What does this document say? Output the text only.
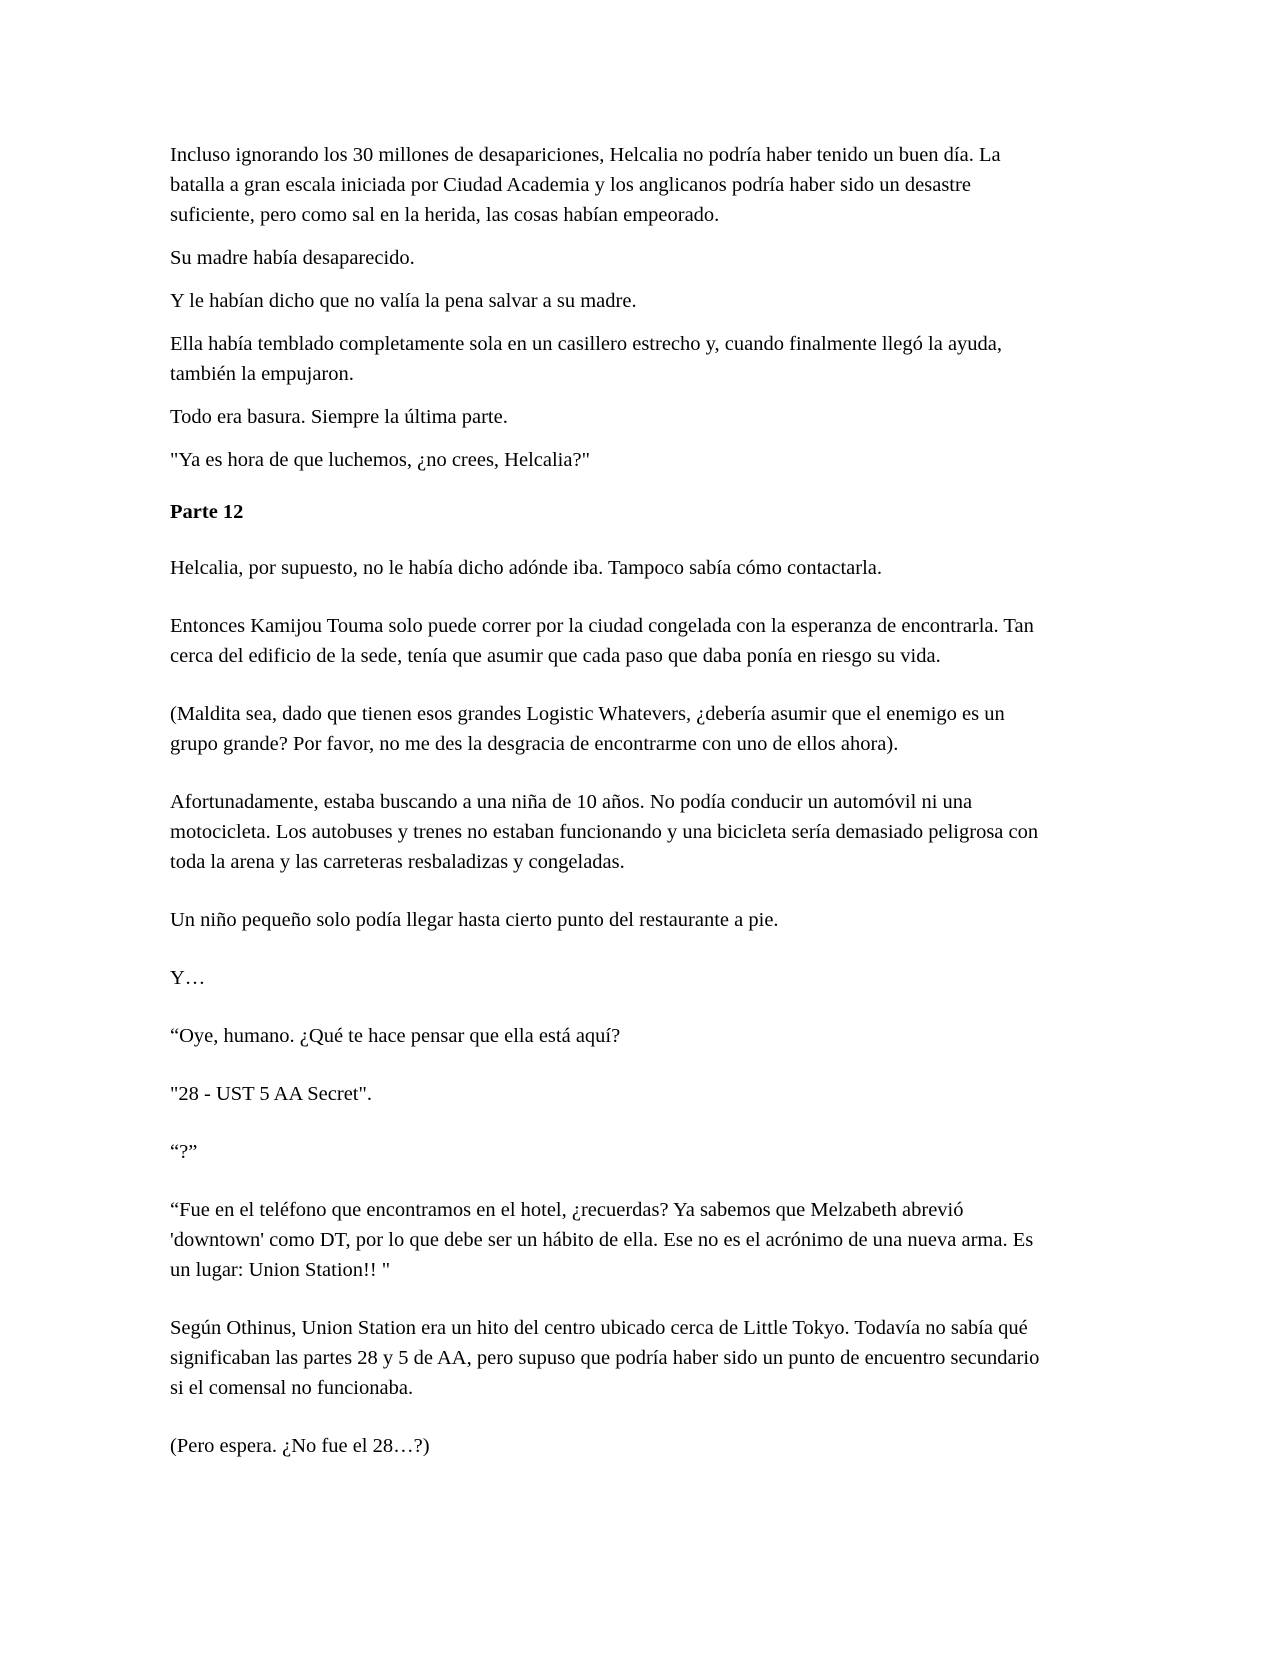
Incluso ignorando los 30 millones de desapariciones, Helcalia no podría haber tenido un buen día. La batalla a gran escala iniciada por Ciudad Academia y los anglicanos podría haber sido un desastre suficiente, pero como sal en la herida, las cosas habían empeorado.

Su madre había desaparecido.

Y le habían dicho que no valía la pena salvar a su madre.

Ella había temblado completamente sola en un casillero estrecho y, cuando finalmente llegó la ayuda, también la empujaron.

Todo era basura. Siempre la última parte.

"Ya es hora de que luchemos, ¿no crees, Helcalia?"

Parte 12

Helcalia, por supuesto, no le había dicho adónde iba. Tampoco sabía cómo contactarla.

Entonces Kamijou Touma solo puede correr por la ciudad congelada con la esperanza de encontrarla. Tan cerca del edificio de la sede, tenía que asumir que cada paso que daba ponía en riesgo su vida.

(Maldita sea, dado que tienen esos grandes Logistic Whatevers, ¿debería asumir que el enemigo es un grupo grande? Por favor, no me des la desgracia de encontrarme con uno de ellos ahora).

Afortunadamente, estaba buscando a una niña de 10 años. No podía conducir un automóvil ni una motocicleta. Los autobuses y trenes no estaban funcionando y una bicicleta sería demasiado peligrosa con toda la arena y las carreteras resbaladizas y congeladas.

Un niño pequeño solo podía llegar hasta cierto punto del restaurante a pie.

Y…

“Oye, humano. ¿Qué te hace pensar que ella está aquí?

"28 - UST 5 AA Secret".

“?”

“Fue en el teléfono que encontramos en el hotel, ¿recuerdas? Ya sabemos que Melzabeth abrevió 'downtown' como DT, por lo que debe ser un hábito de ella. Ese no es el acrónimo de una nueva arma. Es un lugar: Union Station!! "

Según Othinus, Union Station era un hito del centro ubicado cerca de Little Tokyo. Todavía no sabía qué significaban las partes 28 y 5 de AA, pero supuso que podría haber sido un punto de encuentro secundario si el comensal no funcionaba.

(Pero espera. ¿No fue el 28…?)
